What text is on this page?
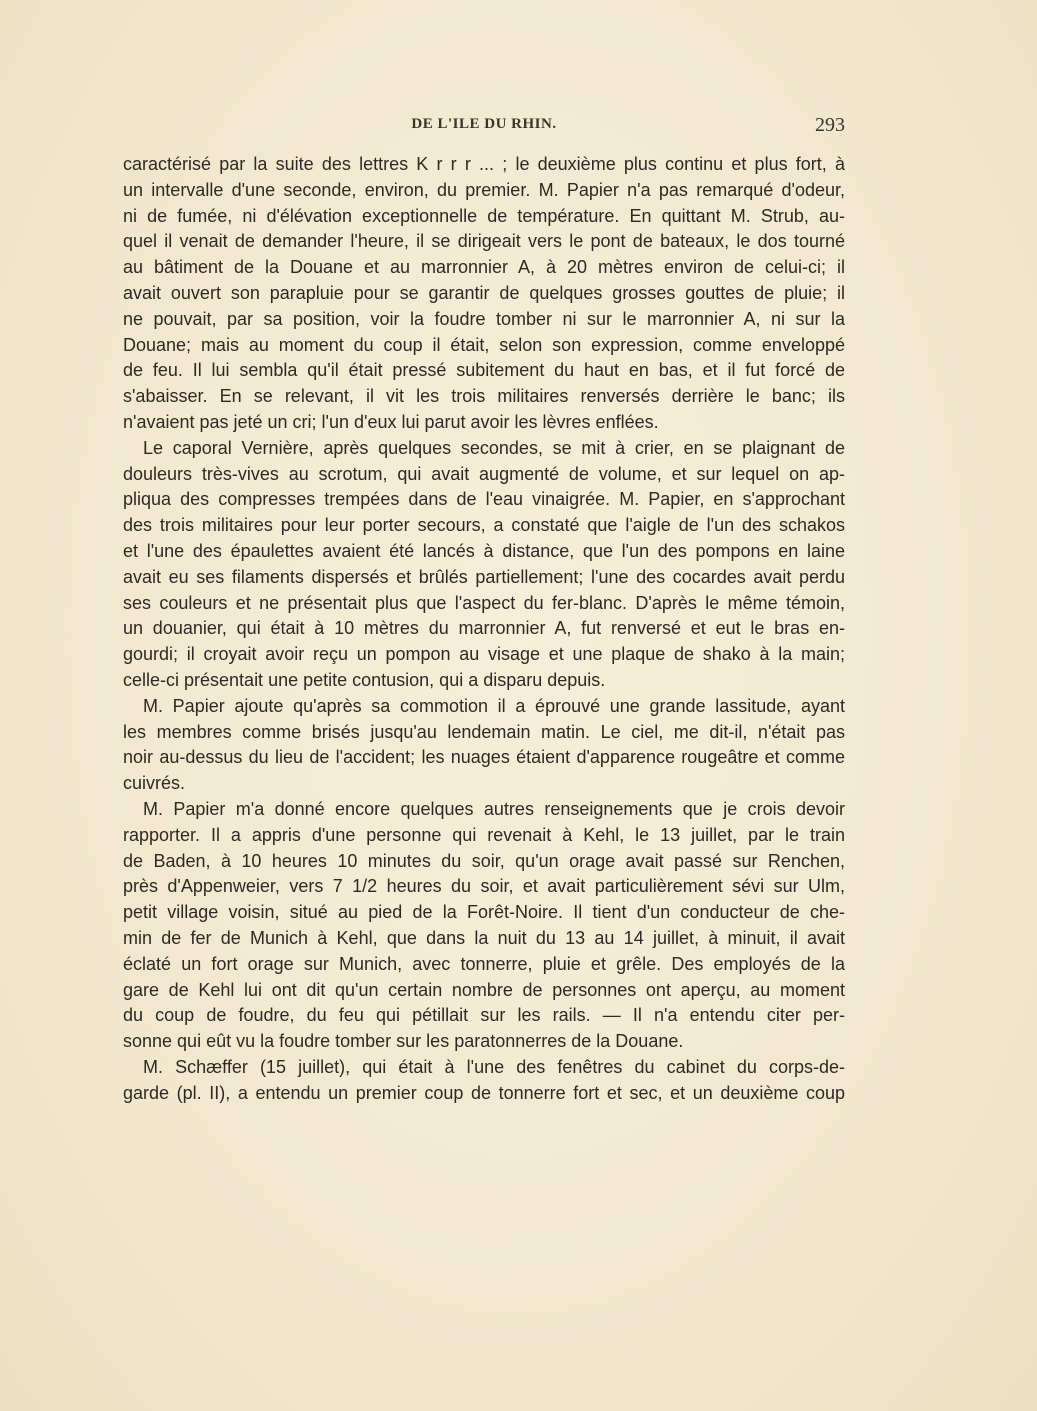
DE L'ILE DU RHIN.	293
caractérisé par la suite des lettres K r r r ... ; le deuxième plus continu et plus fort, à
un intervalle d'une seconde, environ, du premier. M. Papier n'a pas remarqué d'odeur,
ni de fumée, ni d'élévation exceptionnelle de température. En quittant M. Strub, au-
quel il venait de demander l'heure, il se dirigeait vers le pont de bateaux, le dos tourné
au bâtiment de la Douane et au marronnier A, à 20 mètres environ de celui-ci; il
avait ouvert son parapluie pour se garantir de quelques grosses gouttes de pluie; il
ne pouvait, par sa position, voir la foudre tomber ni sur le marronnier A, ni sur la
Douane; mais au moment du coup il était, selon son expression, comme enveloppé
de feu. Il lui sembla qu'il était pressé subitement du haut en bas, et il fut forcé de
s'abaisser. En se relevant, il vit les trois militaires renversés derrière le banc; ils
n'avaient pas jeté un cri; l'un d'eux lui parut avoir les lèvres enflées.
Le caporal Vernière, après quelques secondes, se mit à crier, en se plaignant de
douleurs très-vives au scrotum, qui avait augmenté de volume, et sur lequel on ap-
pliqua des compresses trempées dans de l'eau vinaigrée. M. Papier, en s'approchant
des trois militaires pour leur porter secours, a constaté que l'aigle de l'un des schakos
et l'une des épaulettes avaient été lancés à distance, que l'un des pompons en laine
avait eu ses filaments dispersés et brûlés partiellement; l'une des cocardes avait perdu
ses couleurs et ne présentait plus que l'aspect du fer-blanc. D'après le même témoin,
un douanier, qui était à 10 mètres du marronnier A, fut renversé et eut le bras en-
gourdi; il croyait avoir reçu un pompon au visage et une plaque de shako à la main;
celle-ci présentait une petite contusion, qui a disparu depuis.
M. Papier ajoute qu'après sa commotion il a éprouvé une grande lassitude, ayant
les membres comme brisés jusqu'au lendemain matin. Le ciel, me dit-il, n'était pas
noir au-dessus du lieu de l'accident; les nuages étaient d'apparence rougeâtre et comme
cuivrés.
M. Papier m'a donné encore quelques autres renseignements que je crois devoir
rapporter. Il a appris d'une personne qui revenait à Kehl, le 13 juillet, par le train
de Baden, à 10 heures 10 minutes du soir, qu'un orage avait passé sur Renchen,
près d'Appenweier, vers 7 1/2 heures du soir, et avait particulièrement sévi sur Ulm,
petit village voisin, situé au pied de la Forêt-Noire. Il tient d'un conducteur de che-
min de fer de Munich à Kehl, que dans la nuit du 13 au 14 juillet, à minuit, il avait
éclaté un fort orage sur Munich, avec tonnerre, pluie et grêle. Des employés de la
gare de Kehl lui ont dit qu'un certain nombre de personnes ont aperçu, au moment
du coup de foudre, du feu qui pétillait sur les rails. — Il n'a entendu citer per-
sonne qui eût vu la foudre tomber sur les paratonnerres de la Douane.
M. Schæffer (15 juillet), qui était à l'une des fenêtres du cabinet du corps-de-
garde (pl. II), a entendu un premier coup de tonnerre fort et sec, et un deuxième coup
